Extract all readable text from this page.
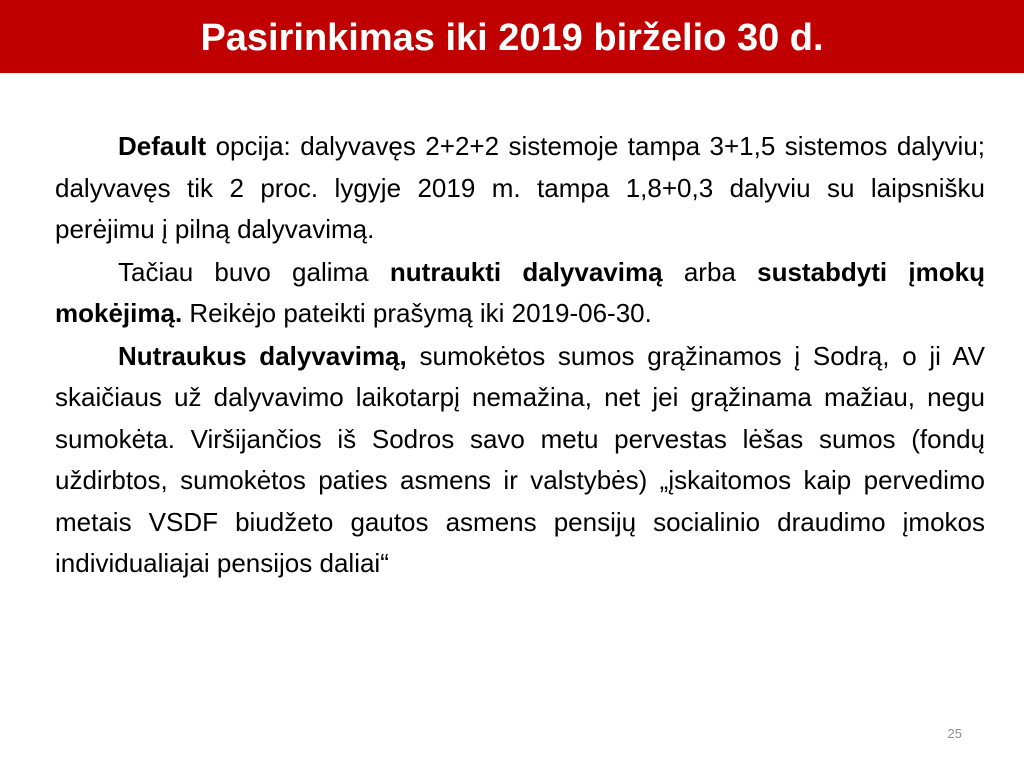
Pasirinkimas iki 2019 birželio 30 d.

Default opcija: dalyvavęs 2+2+2 sistemoje tampa 3+1,5 sistemos dalyviu; dalyvavęs tik 2 proc. lygyje 2019 m. tampa 1,8+0,3 dalyviu su laipsnišku perėjimu į pilną dalyvavimą.

Tačiau buvo galima nutraukti dalyvavimą arba sustabdyti įmokų mokėjimą. Reikėjo pateikti prašymą iki 2019-06-30.

Nutraukus dalyvavimą, sumokėtos sumos grąžinamos į Sodrą, o ji AV skaičiaus už dalyvavimo laikotarpį nemažina, net jei grąžinama mažiau, negu sumokėta. Viršijančios iš Sodros savo metu pervestas lėšas sumos (fondų uždirbtos, sumokėtos paties asmens ir valstybės) „įskaitomos kaip pervedimo metais VSDF biudžeto gautos asmens pensijų socialinio draudimo įmokos individualiajai pensijos daliai“

25
